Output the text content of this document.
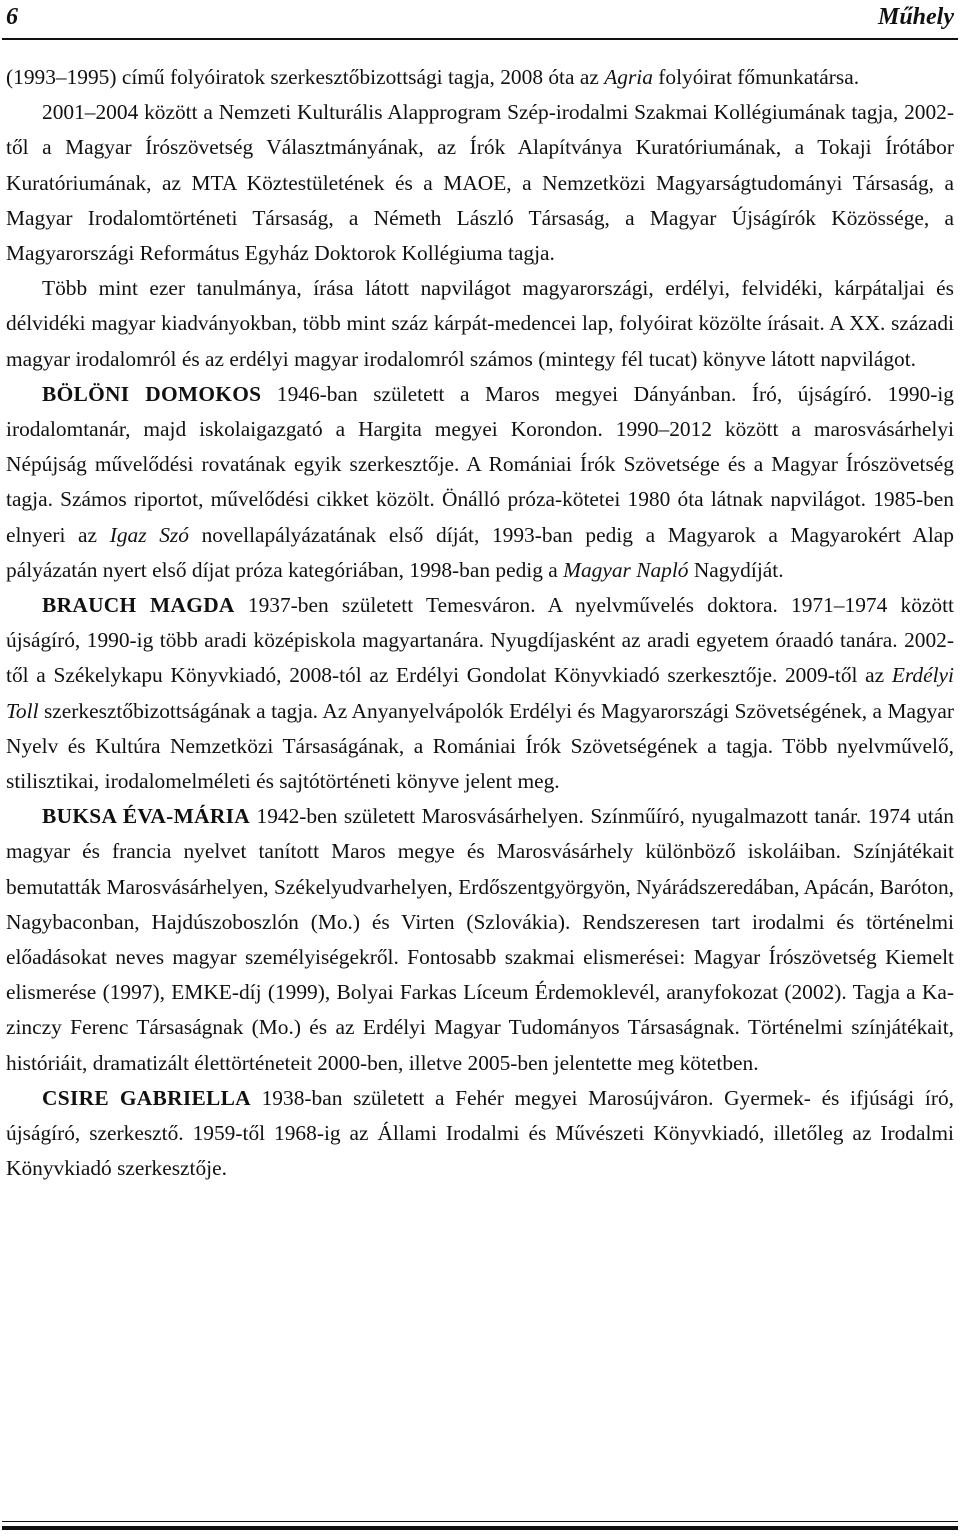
6	Műhely

(1993–1995) című folyóiratok szerkesztőbizottsági tagja, 2008 óta az Agria folyóirat főmunkatársa.

2001–2004 között a Nemzeti Kulturális Alapprogram Szép-irodalmi Szakmai Kollégiumának tagja, 2002-től a Magyar Írószövetség Választmányának, az Írók Alapítványa Kuratóriumának, a Tokaji Írótábor Kuratóriumának, az MTA Köztestületének és a MAOE, a Nemzetközi Magyarságtudományi Társaság, a Magyar Irodalomtörténeti Társaság, a Németh László Társaság, a Magyar Újságírók Közössége, a Magyarországi Református Egyház Doktorok Kollégiuma tagja.

Több mint ezer tanulmánya, írása látott napvilágot magyarországi, erdélyi, felvidéki, kárpátaljai és délvidéki magyar kiadványokban, több mint száz kárpát-medencei lap, folyóirat közölte írásait. A XX. századi magyar irodalomról és az erdélyi magyar irodalomról számos (mintegy fél tucat) könyve látott napvilágot.

BÖLÖNI DOMOKOS 1946-ban született a Maros megyei Dányánban. Író, újságíró. 1990-ig irodalomtanár, majd iskolaigazgató a Hargita megyei Korondon. 1990–2012 között a marosvásárhelyi Népújság művelődési rovatának egyik szerkesztője. A Romániai Írók Szövetsége és a Magyar Írószövetség tagja. Számos riportot, művelődési cikket közölt. Önálló próza-kötetei 1980 óta látnak napvilágot. 1985-ben elnyeri az Igaz Szó novellapályázatának első díját, 1993-ban pedig a Magyarok a Magyarokért Alap pályázatán nyert első díjat próza kategóriában, 1998-ban pedig a Magyar Napló Nagydíját.

BRAUCH MAGDA 1937-ben született Temesváron. A nyelvművelés doktora. 1971–1974 között újságíró, 1990-ig több aradi középiskola magyartanára. Nyugdíjasként az aradi egyetem óraadó tanára. 2002-től a Székelykapu Könyvkiadó, 2008-tól az Erdélyi Gondolat Könyvkiadó szerkesztője. 2009-től az Erdélyi Toll szerkesztőbizottságának a tagja. Az Anyanyelvápolók Erdélyi és Magyarországi Szövetségének, a Magyar Nyelv és Kultúra Nemzetközi Társaságának, a Romániai Írók Szövetségének a tagja. Több nyelvművelő, stilisztikai, irodalomelméleti és sajtótörténeti könyve jelent meg.

BUKSA ÉVA-MÁRIA 1942-ben született Marosvásárhelyen. Színműíró, nyugalmazott tanár. 1974 után magyar és francia nyelvet tanított Maros megye és Marosvásárhely különböző iskoláiban. Színjátékait bemutatták Marosvásárhelyen, Székelyudvarhelyen, Erdőszentgyörgyön, Nyárádszeredában, Apácán, Baróton, Nagybaconban, Hajdúszoboszlón (Mo.) és Virten (Szlovákia). Rendszeresen tart irodalmi és történelmi előadásokat neves magyar személyiségekről. Fontosabb szakmai elismerései: Magyar Írószövetség Kiemelt elismerése (1997), EMKE-díj (1999), Bolyai Farkas Líceum Érdemoklevél, aranyfokozat (2002). Tagja a Kazinczy Ferenc Társaságnak (Mo.) és az Erdélyi Magyar Tudományos Társaságnak. Történelmi színjátékait, históriáit, dramatizált élettörténeteit 2000-ben, illetve 2005-ben jelentette meg kötetben.

CSIRE GABRIELLA 1938-ban született a Fehér megyei Marosújváron. Gyermek- és ifjúsági író, újságíró, szerkesztő. 1959-től 1968-ig az Állami Irodalmi és Művészeti Könyvkiadó, illetőleg az Irodalmi Könyvkiadó szerkesztője.
